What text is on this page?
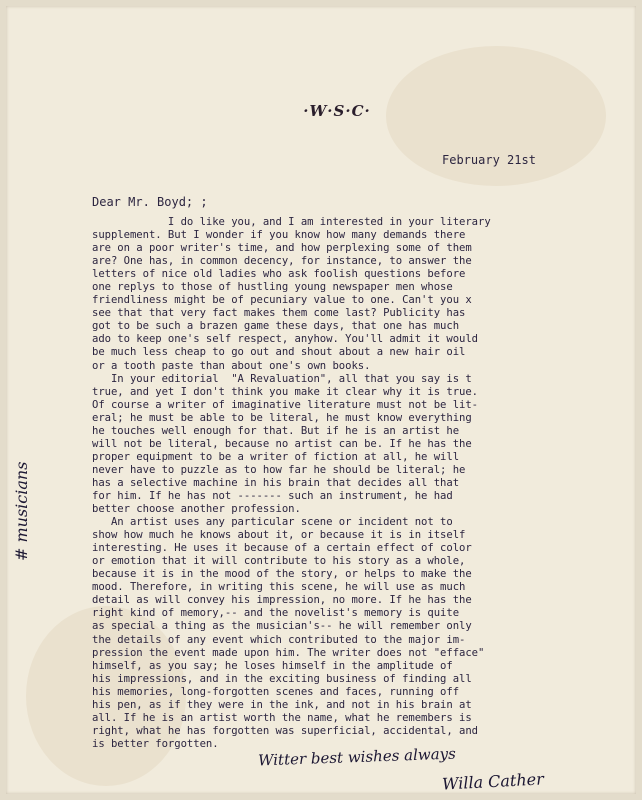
·W·S·C·
February 21st
Dear Mr. Boyd; ;
I do like you, and I am interested in your literary
supplement. But I wonder if you know how many demands there
are on a poor writer's time, and how perplexing some of them
are? One has, in common decency, for instance, to answer the
letters of nice old ladies who ask foolish questions before
one replys to those of hustling young newspaper men whose
friendliness might be of pecuniary value to one. Can't you x
see that that very fact makes them come last? Publicity has
got to be such a brazen game these days, that one has much
ado to keep one's self respect, anyhow. You'll admit it would
be much less cheap to go out and shout about a new hair oil
or a tooth paste than about one's own books.
In your editorial  "A Revaluation", all that you say is t
true, and yet I don't think you make it clear why it is true.
Of course a writer of imaginative literature must not be lit-
eral; he must be able to be literal, he must know everything
he touches well enough for that. But if he is an artist he
will not be literal, because no artist can be. If he has the
proper equipment to be a writer of fiction at all, he will
never have to puzzle as to how far he should be literal; he
has a selective machine in his brain that decides all that
for him. If he has not ------- such an instrument, he had
better choose another profession.
An artist uses any particular scene or incident not to
show how much he knows about it, or because it is in itself
interesting. He uses it because of a certain effect of color
or emotion that it will contribute to his story as a whole,
because it is in the mood of the story, or helps to make the
mood. Therefore, in writing this scene, he will use as much
detail as will convey his impression, no more. If he has the
right kind of memory,-- and the novelist's memory is quite
as special a thing as the musician's-- he will remember only
the details of any event which contributed to the major im-
pression the event made upon him. The writer does not "efface"
himself, as you say; he loses himself in the amplitude of
his impressions, and in the exciting business of finding all
his memories, long-forgotten scenes and faces, running off
his pen, as if they were in the ink, and not in his brain at
all. If he is an artist worth the name, what he remembers is
right, what he has forgotten was superficial, accidental, and
is better forgotten.

# musicians
Witter best wishes always
Willa Cather
